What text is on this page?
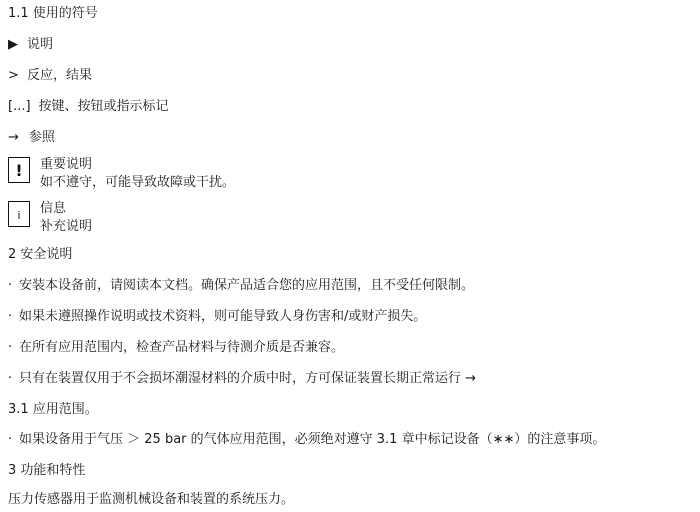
1.1 使用的符号
▶ 说明
> 反应，结果
[...] 按键、按钮或指示标记
→ 参照
!	重要说明
如不遵守，可能导致故障或干扰。
i 信息
补充说明
2 安全说明
· 安装本设备前，请阅读本文档。确保产品适合您的应用范围，且不受任何限制。
· 如果未遵照操作说明或技术资料，则可能导致人身伤害和/或财产损失。
· 在所有应用范围内，检查产品材料与待测介质是否兼容。
· 只有在装置仅用于不会损坏潮湿材料的介质中时，方可保证装置长期正常运行 →
3.1 应用范围。
· 如果设备用于气压 ＞ 25 bar 的气体应用范围，必须绝对遵守 3.1 章中标记设备（∗∗）的注意事项。
3 功能和特性
压力传感器用于监测机械设备和装置的系统压力。
